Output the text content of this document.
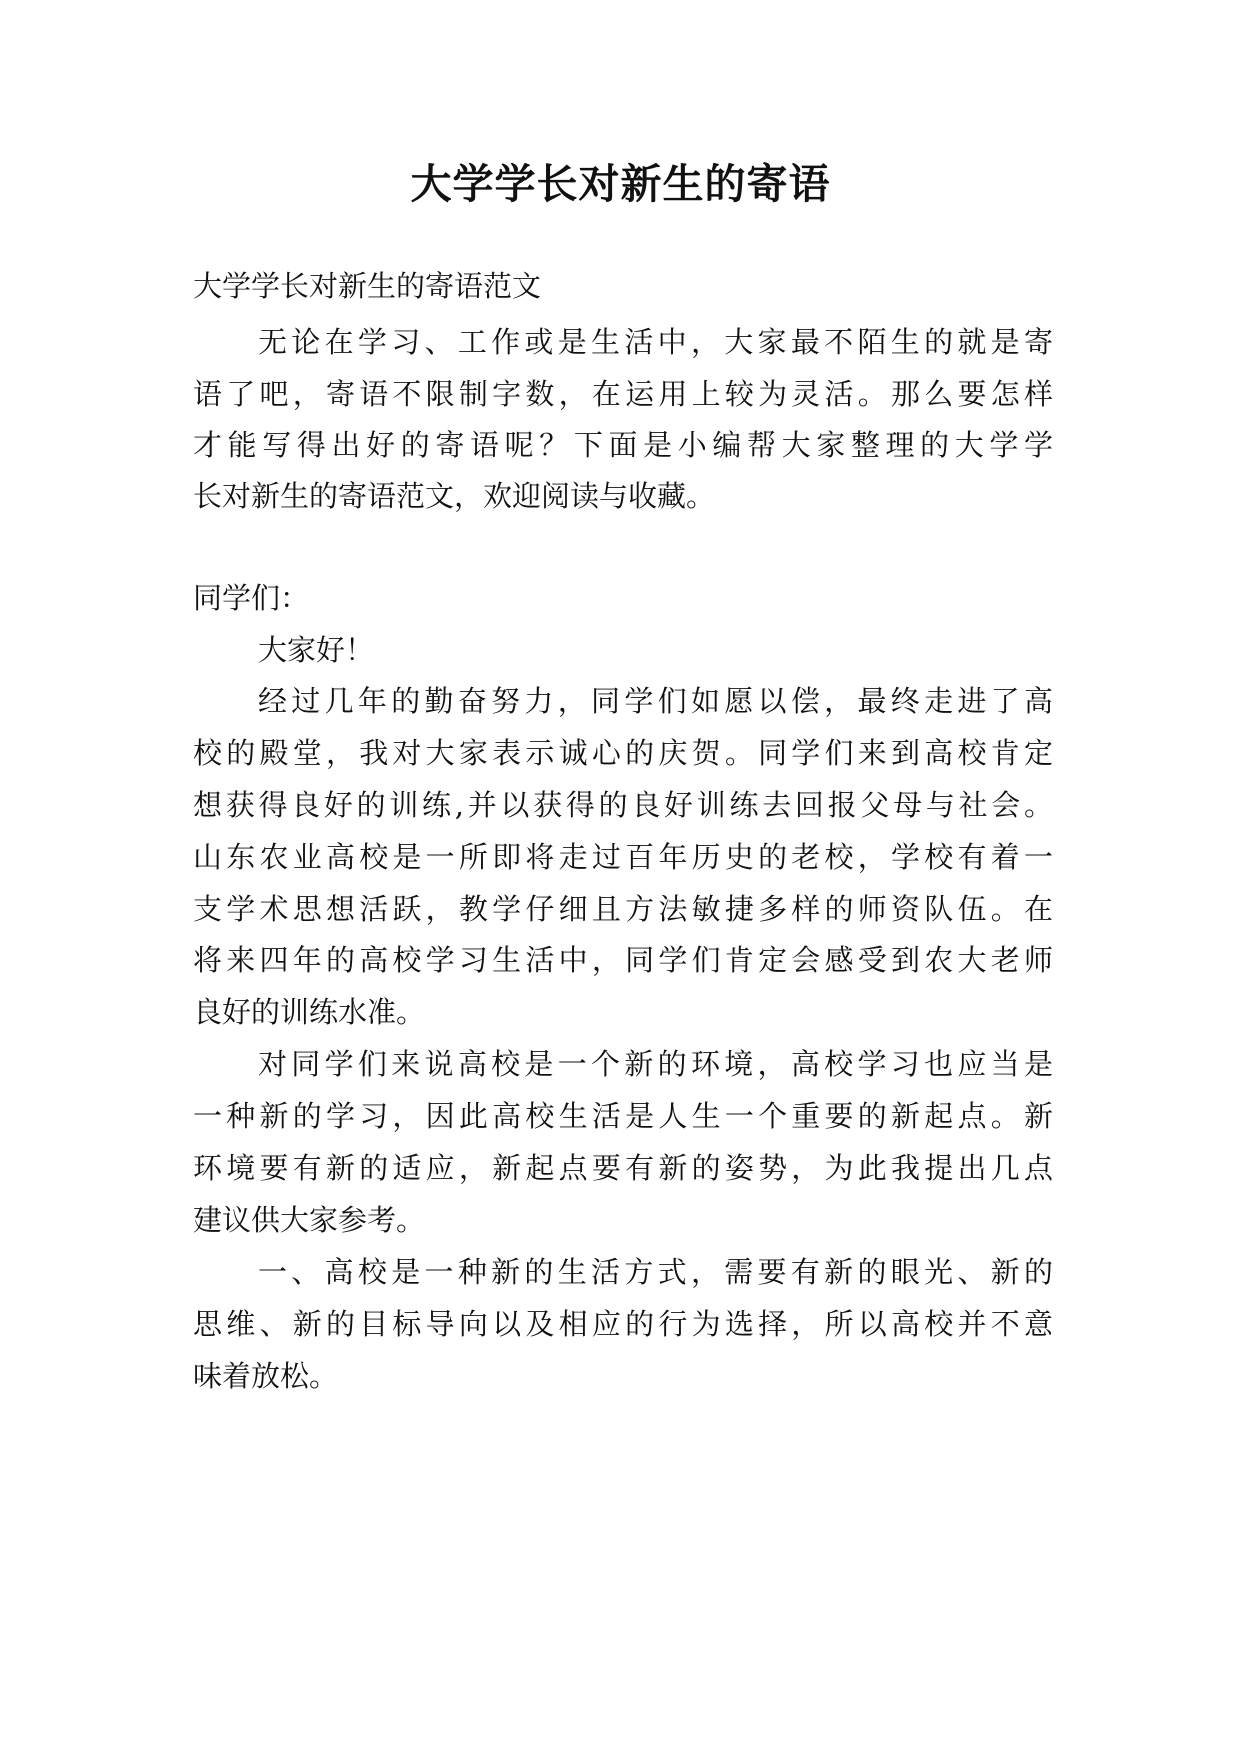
大学学长对新生的寄语

大学学长对新生的寄语范文

无论在学习、工作或是生活中，大家最不陌生的就是寄

语了吧，寄语不限制字数，在运用上较为灵活。那么要怎样

才能写得出好的寄语呢？下面是小编帮大家整理的大学学

长对新生的寄语范文，欢迎阅读与收藏。

同学们：

大家好！

经过几年的勤奋努力，同学们如愿以偿，最终走进了高

校的殿堂，我对大家表示诚心的庆贺。同学们来到高校肯定

想获得良好的训练,并以获得的良好训练去回报父母与社会。

山东农业高校是一所即将走过百年历史的老校，学校有着一

支学术思想活跃，教学仔细且方法敏捷多样的师资队伍。在

将来四年的高校学习生活中，同学们肯定会感受到农大老师

良好的训练水准。

对同学们来说高校是一个新的环境，高校学习也应当是

一种新的学习，因此高校生活是人生一个重要的新起点。新

环境要有新的适应，新起点要有新的姿势，为此我提出几点

建议供大家参考。

一、高校是一种新的生活方式，需要有新的眼光、新的

思维、新的目标导向以及相应的行为选择，所以高校并不意

味着放松。
